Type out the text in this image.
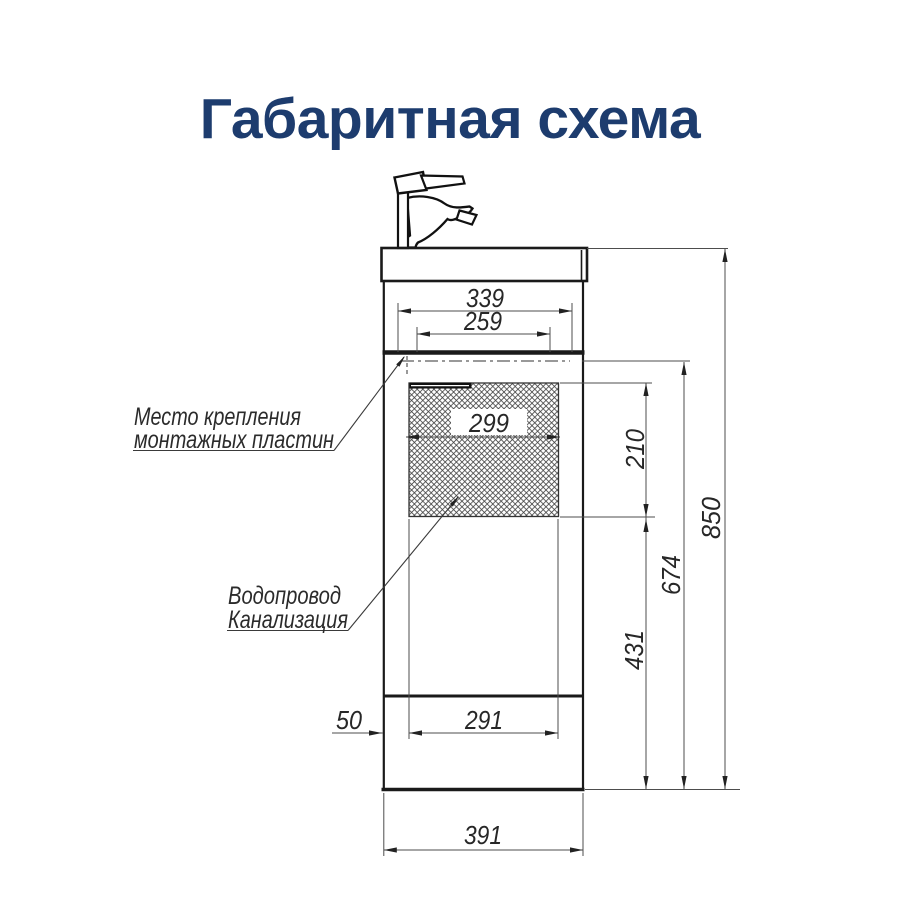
Габаритная схема
339
259
299
50	291
391
210
431
674
850
Место крепления
монтажных пластин
Водопровод
Канализация
